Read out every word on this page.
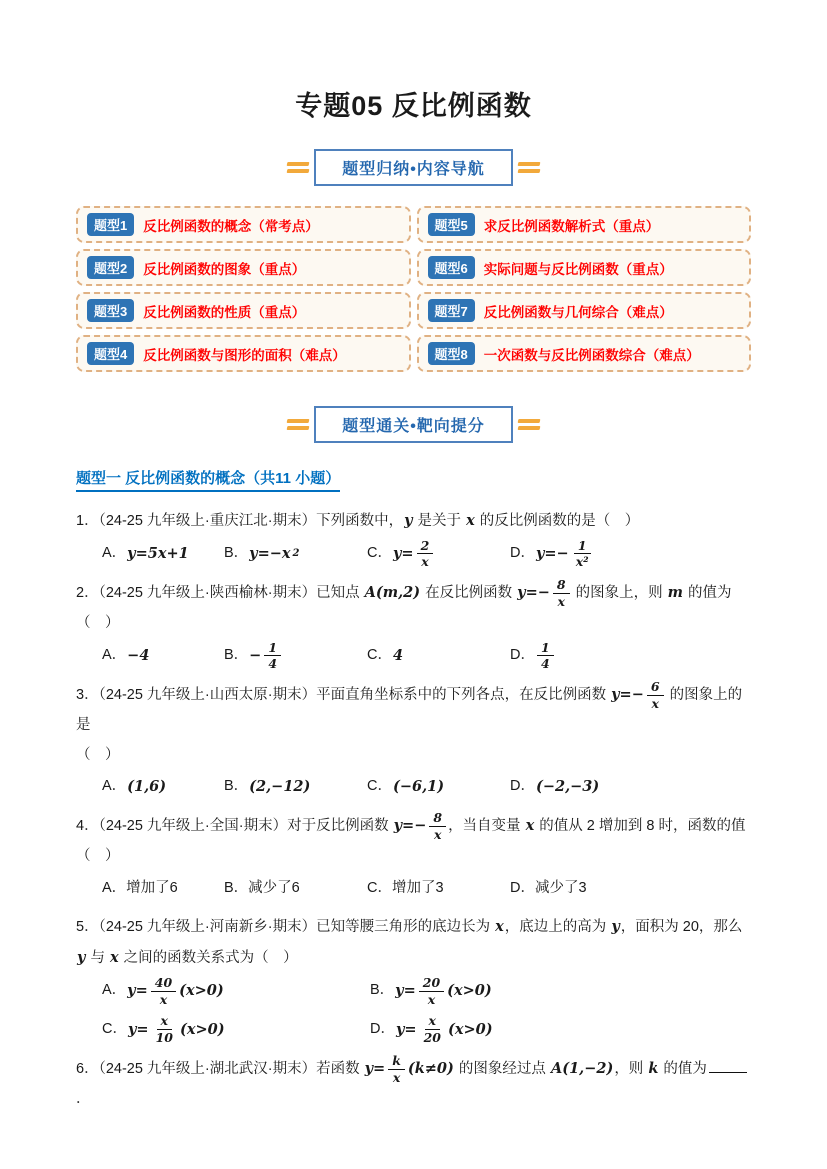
专题05 反比例函数
题型归纳•内容导航
题型1	反比例函数的概念（常考点）
题型2	反比例函数的图象（重点）
题型3	反比例函数的性质（重点）
题型4	反比例函数与图形的面积（难点）
题型5	求反比例函数解析式（重点）
题型6	实际问题与反比例函数（重点）
题型7	反比例函数与几何综合（难点）
题型8	一次函数与反比例函数综合（难点）
题型通关•靶向提分
题型一 反比例函数的概念（共11 小题）
1．（24-25 九年级上·重庆江北·期末）下列函数中，y 是关于 x 的反比例函数的是（　）
A． y=5x+1 B． y=−x 2	C． $y= \frac{2}{x}$	D． $y=- \frac{1}{\text{x²}}$
2．（24-25 九年级上·陕西榆林·期末）已知点 A(m,2) 在反比例函数 $y=- \frac{8}{x}$ 的图象上，则 m 的值为（　）
A． −4	B． − $\frac{1}{4}$	C． 4	D． $\frac{1}{4}$
3．（24-25 九年级上·山西太原·期末）平面直角坐标系中的下列各点，在反比例函数 $y=- \frac{6}{x}$ 的图象上的是
（　）
A． (1,6)	B． (2,−12)	C． (−6,1)	D． (−2,−3)
4．（24-25 九年级上·全国·期末）对于反比例函数 $y=- \frac{8}{x}$ ，当自变量 x 的值从 2 增加到 8 时，函数的值
（　）
A．增加了6	B．减少了6	C．增加了3	D．减少了3
5．（24-25 九年级上·河南新乡·期末）已知等腰三角形的底边长为 x，底边上的高为 y，面积为 20，那么 y 与 x 之间的函数关系式为（　）
A． $y= \frac{40}{x} (x>0)$	B． $y= \frac{20}{x} (x>0)$
C． $y= \frac{x}{10} (x>0)$	D． $y= \frac{x}{20} (x>0)$
6．（24-25 九年级上·湖北武汉·期末）若函数 $y= \frac{k}{x} (k\ne 0)$ 的图象经过点 A(1,−2)，则 k 的值为．
